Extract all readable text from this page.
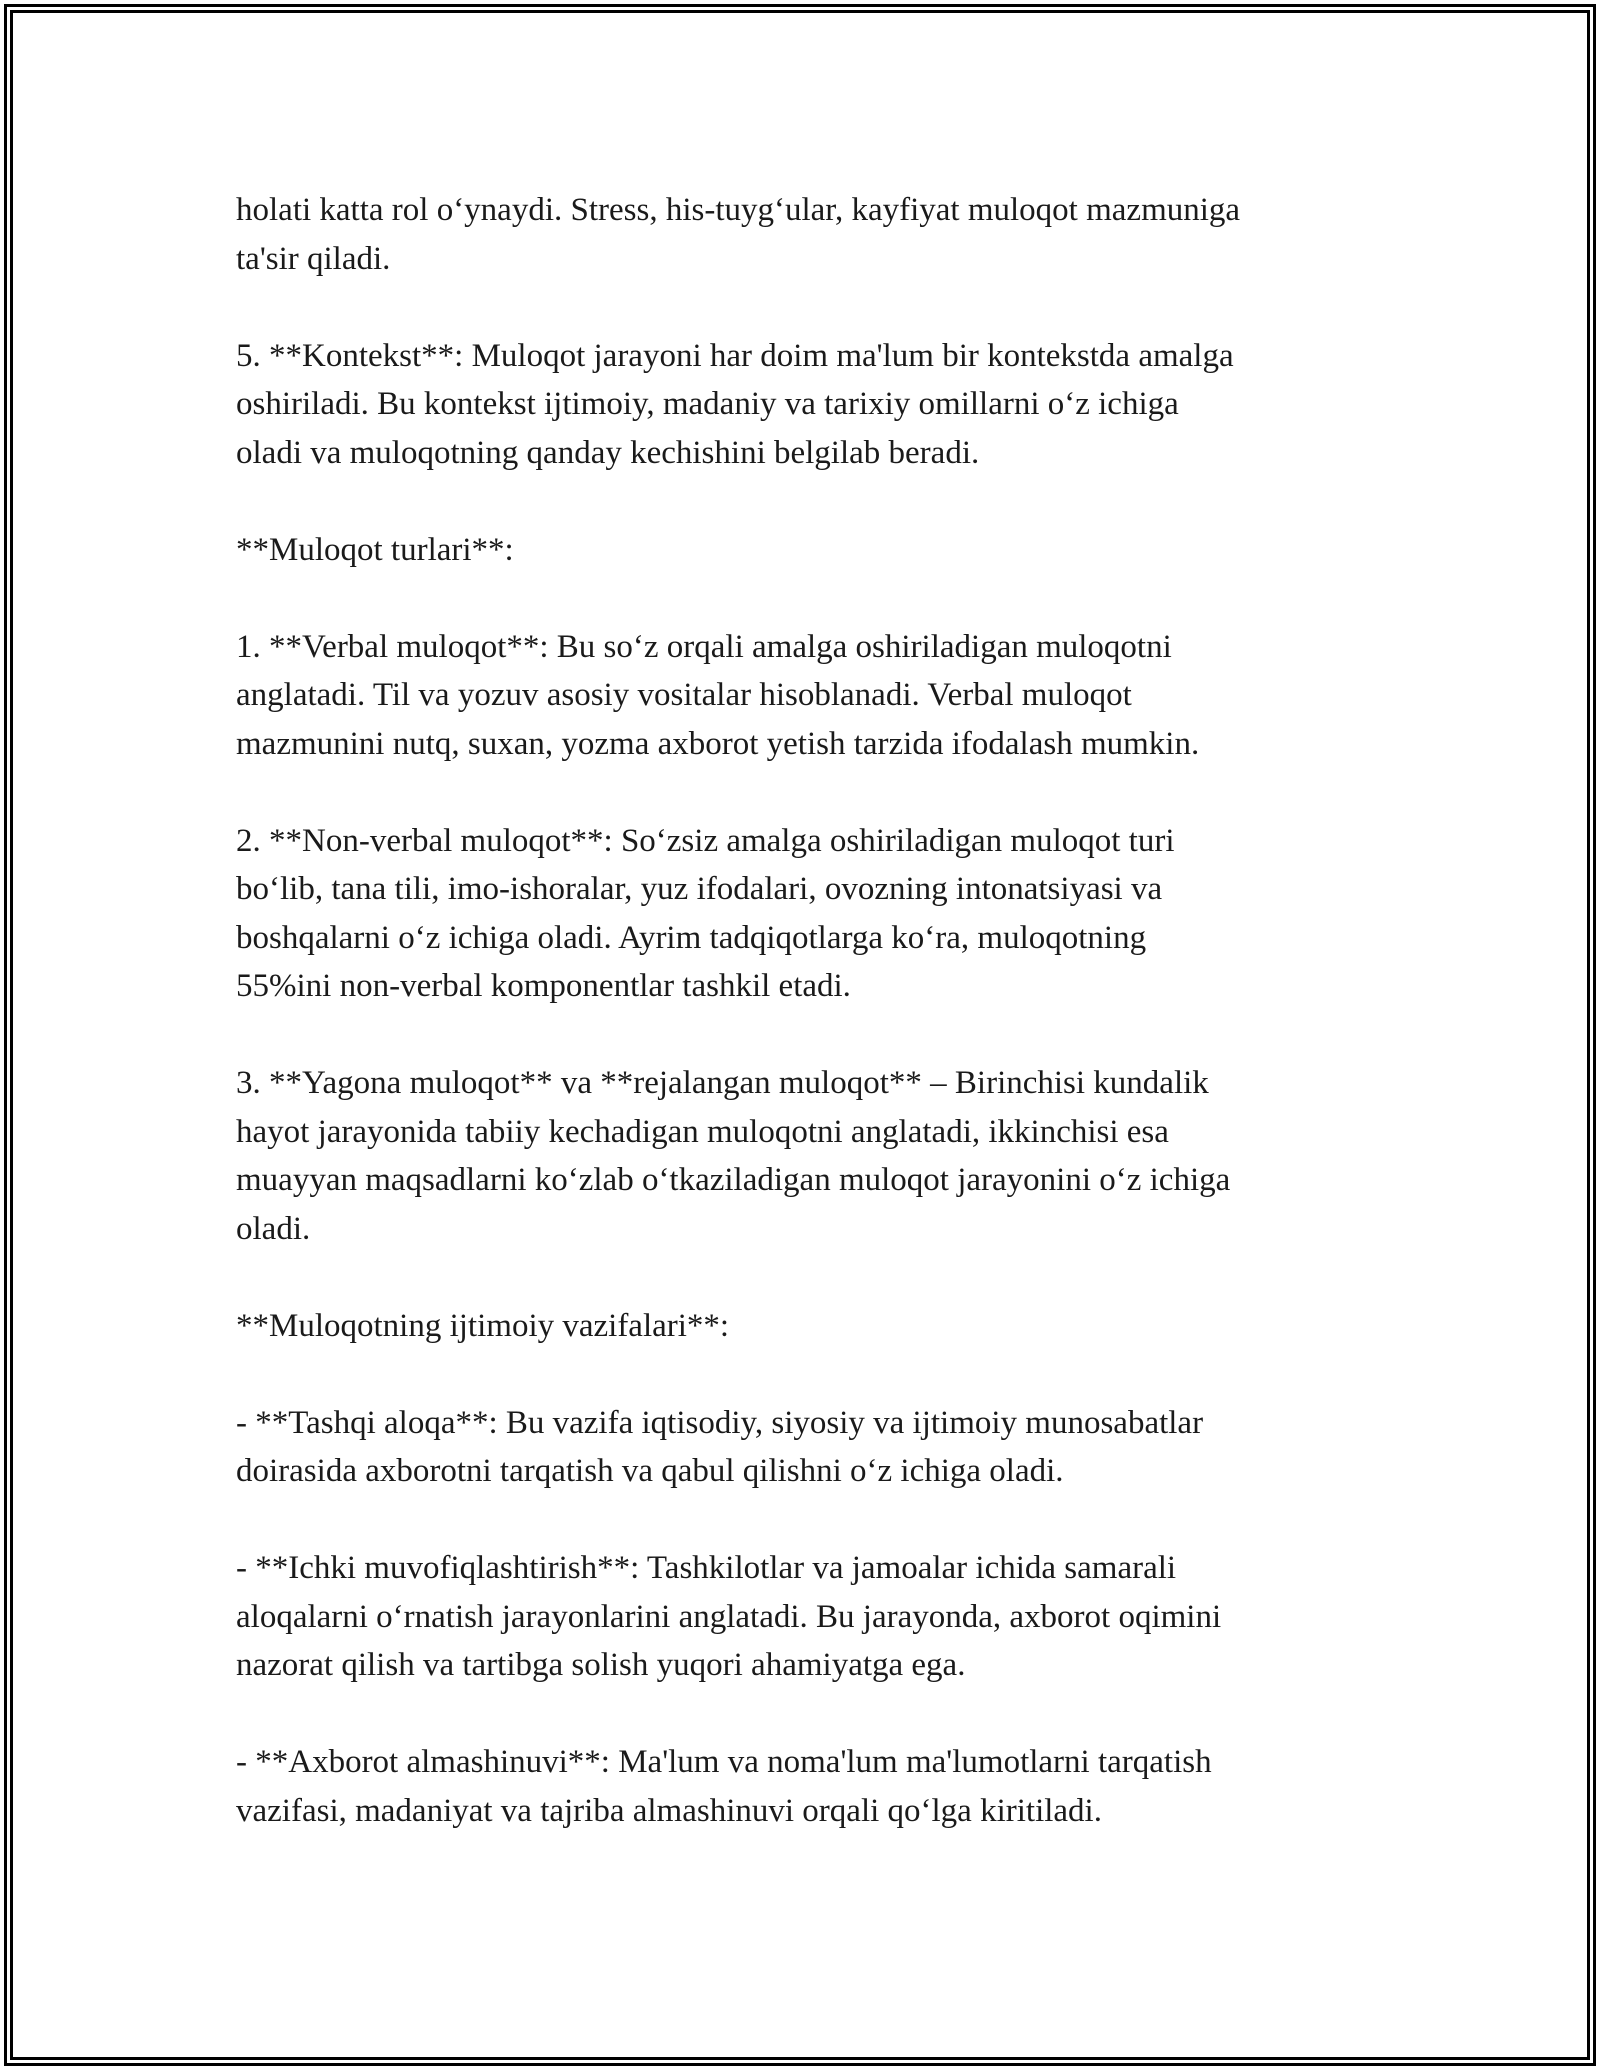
holati katta rol o‘ynaydi. Stress, his-tuyg‘ular, kayfiyat muloqot mazmuniga
ta'sir qiladi.

5. **Kontekst**: Muloqot jarayoni har doim ma'lum bir kontekstda amalga
oshiriladi. Bu kontekst ijtimoiy, madaniy va tarixiy omillarni o‘z ichiga
oladi va muloqotning qanday kechishini belgilab beradi.

**Muloqot turlari**:

1. **Verbal muloqot**: Bu so‘z orqali amalga oshiriladigan muloqotni
anglatadi. Til va yozuv asosiy vositalar hisoblanadi. Verbal muloqot
mazmunini nutq, suxan, yozma axborot yetish tarzida ifodalash mumkin.

2. **Non-verbal muloqot**: So‘zsiz amalga oshiriladigan muloqot turi
bo‘lib, tana tili, imo-ishoralar, yuz ifodalari, ovozning intonatsiyasi va
boshqalarni o‘z ichiga oladi. Ayrim tadqiqotlarga ko‘ra, muloqotning
55%ini non-verbal komponentlar tashkil etadi.

3. **Yagona muloqot** va **rejalangan muloqot** – Birinchisi kundalik
hayot jarayonida tabiiy kechadigan muloqotni anglatadi, ikkinchisi esa
muayyan maqsadlarni ko‘zlab o‘tkaziladigan muloqot jarayonini o‘z ichiga
oladi.

**Muloqotning ijtimoiy vazifalari**:

- **Tashqi aloqa**: Bu vazifa iqtisodiy, siyosiy va ijtimoiy munosabatlar
doirasida axborotni tarqatish va qabul qilishni o‘z ichiga oladi.

- **Ichki muvofiqlashtirish**: Tashkilotlar va jamoalar ichida samarali
aloqalarni o‘rnatish jarayonlarini anglatadi. Bu jarayonda, axborot oqimini
nazorat qilish va tartibga solish yuqori ahamiyatga ega.

- **Axborot almashinuvi**: Ma'lum va noma'lum ma'lumotlarni tarqatish
vazifasi, madaniyat va tajriba almashinuvi orqali qo‘lga kiritiladi.
